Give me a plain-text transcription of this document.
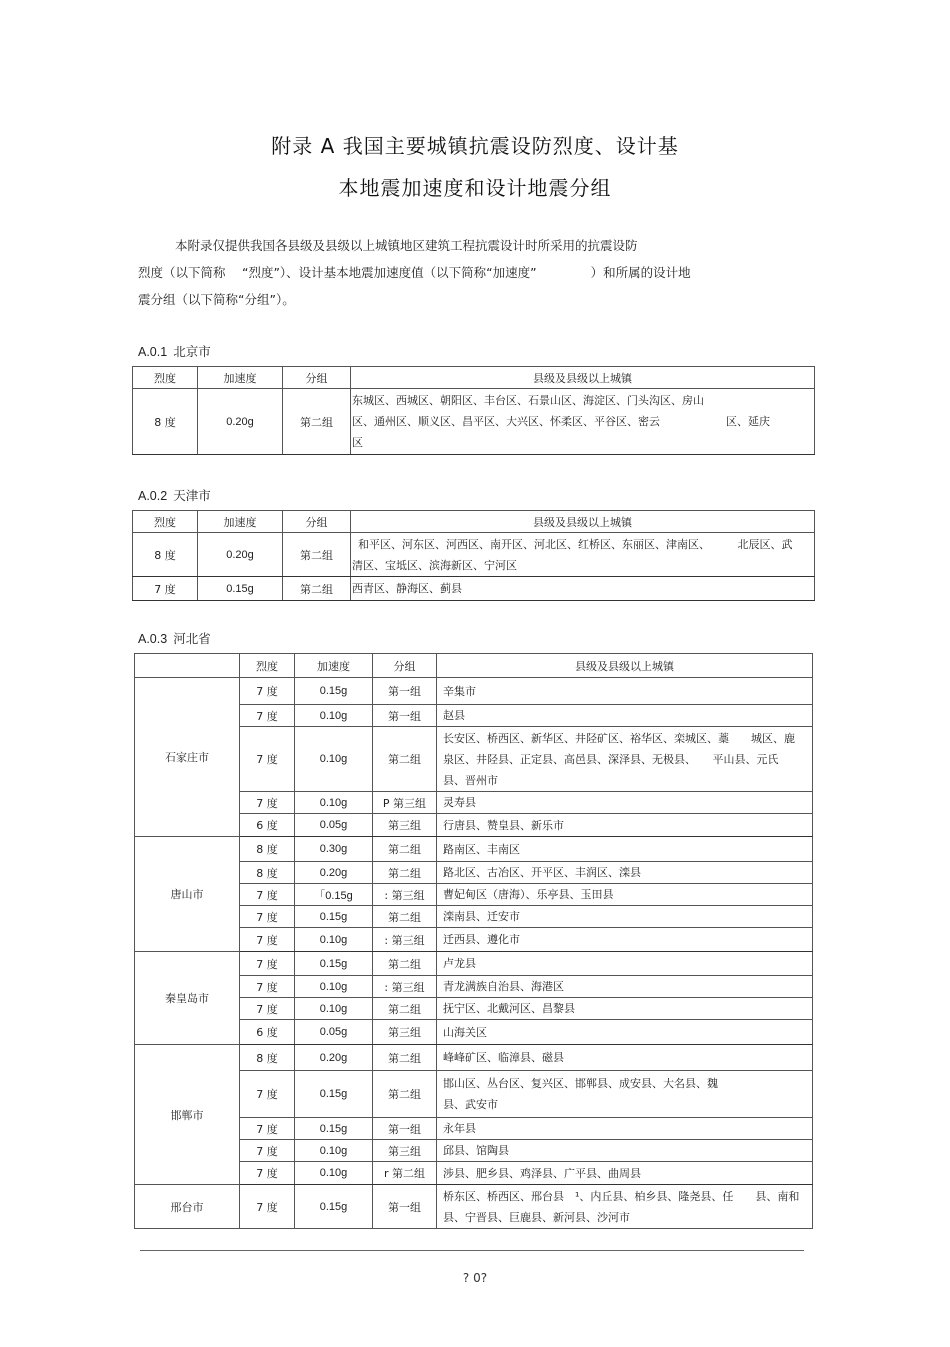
附录 A 我国主要城镇抗震设防烈度、设计基
本地震加速度和设计地震分组
本附录仅提供我国各县级及县级以上城镇地区建筑工程抗震设计时所采用的抗震设防
烈度（以下简称　 “烈度”）、设计基本地震加速度值（以下简称“加速度”　　　　 ）和所属的设计地
震分组（以下简称“分组”）。
A.0.1 北京市
烈度	加速度	分组	县级及县级以上城镇
8 度	0.20g	第二组	东城区、西城区、朝阳区、丰台区、石景山区、海淀区、门头沟区、房山
区、通州区、顺义区、昌平区、大兴区、怀柔区、平谷区、密云　　　　　　区、延庆
区
A.0.2 天津市
烈度	加速度	分组	县级及县级以上城镇
8 度	0.20g	第二组	和平区、河东区、河西区、南开区、河北区、红桥区、东丽区、津南区、　　　北辰区、武
清区、宝坻区、滨海新区、宁河区

7 度	0.15g	第二组	西青区、静海区、蓟县
A.0.3 河北省
	烈度	加速度	分组	县级及县级以上城镇
石家庄市	7 度	0.15g	第一组	辛集市
	7 度	0.10g	第一组	赵县
	7 度	0.10g	第二组	长安区、桥西区、新华区、井陉矿区、裕华区、栾城区、藁　　城区、鹿
泉区、井陉县、正定县、高邑县、深泽县、无极县、　　平山县、元氏
县、晋州市

	7 度	0.10g	P 第三组	灵寿县
	6 度	0.05g	第三组	行唐县、赞皇县、新乐市
唐山市	8 度	0.30g	第二组	路南区、丰南区
	8 度	0.20g	第二组	路北区、古冶区、开平区、丰润区、滦县
	7 度	「0.15g	: 第三组	曹妃甸区（唐海）、乐亭县、玉田县
	7 度	0.15g	第二组	滦南县、迁安市
	7 度	0.10g	: 第三组	迁西县、遵化市
秦皇岛市	7 度	0.15g	第二组	卢龙县
	7 度	0.10g	: 第三组	青龙满族自治县、海港区
	7 度	0.10g	第二组	抚宁区、北戴河区、昌黎县
	6 度	0.05g	第三组	山海关区
邯郸市	8 度	0.20g	第二组	峰峰矿区、临漳县、磁县
	7 度	0.15g	第二组	邯山区、丛台区、复兴区、邯郸县、成安县、大名县、魏
县、武安市

	7 度	0.15g	第一组	永年县
	7 度	0.10g	第三组	邱县、馆陶县
	7 度	0.10g	r 第二组	涉县、肥乡县、鸡泽县、广平县、曲周县
邢台市	7 度	0.15g	第一组	桥东区、桥西区、邢台县　¹、内丘县、柏乡县、隆尧县、任　　县、南和
县、宁晋县、巨鹿县、新河县、沙河市
? 0?
